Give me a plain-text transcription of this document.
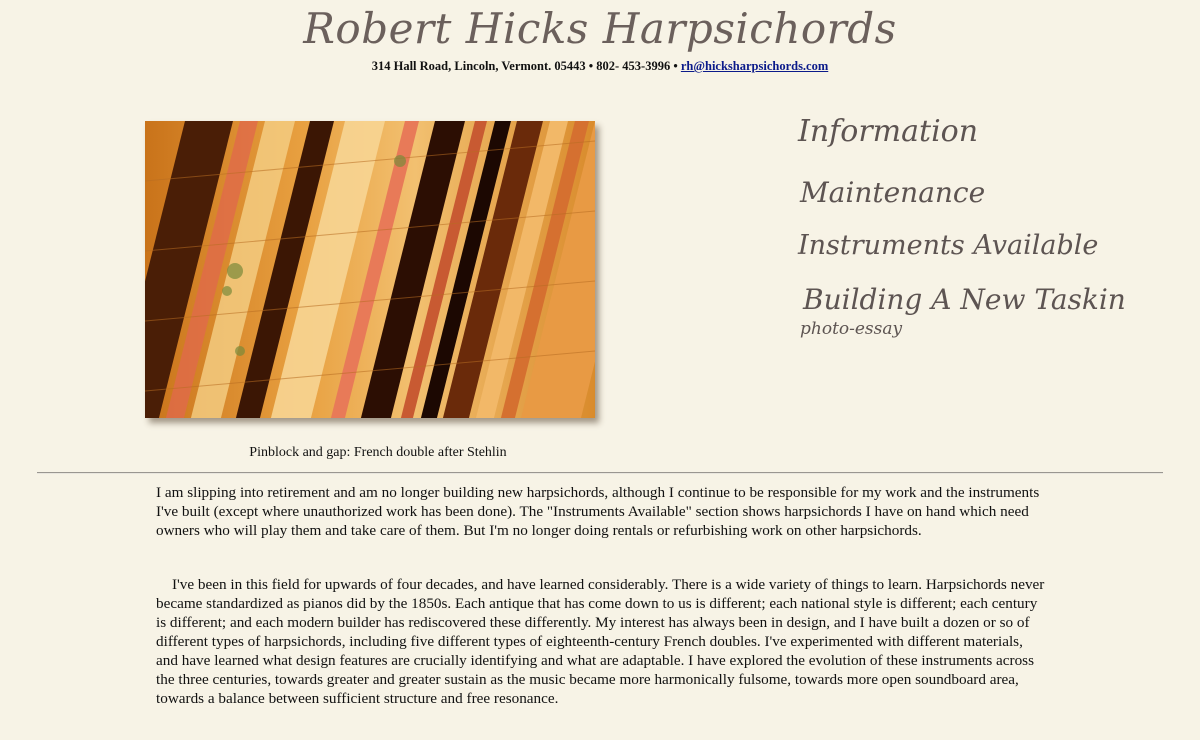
Robert Hicks Harpsichords
314 Hall Road, Lincoln, Vermont. 05443 • 802- 453-3996 • rh@hicksharpsichords.com
Pinblock and gap: French double after Stehlin
Information
Maintenance
Instruments Available
Building A New Taskin
photo-essay

I am slipping into retirement and am no longer building new harpsichords, although I continue to be responsible for my work and the instruments I've built (except where unauthorized work has been done). The "Instruments Available" section shows harpsichords I have on hand which need owners who will play them and take care of them. But I'm no longer doing rentals or refurbishing work on other harpsichords.

I've been in this field for upwards of four decades, and have learned considerably. There is a wide variety of things to learn. Harpsichords never became standardized as pianos did by the 1850s. Each antique that has come down to us is different; each national style is different; each century is different; and each modern builder has rediscovered these differently. My interest has always been in design, and I have built a dozen or so of different types of harpsichords, including five different types of eighteenth-century French doubles. I've experimented with different materials, and have learned what design features are crucially identifying and what are adaptable. I have explored the evolution of these instruments across the three centuries, towards greater and greater sustain as the music became more harmonically fulsome, towards more open soundboard area, towards a balance between sufficient structure and free resonance.
